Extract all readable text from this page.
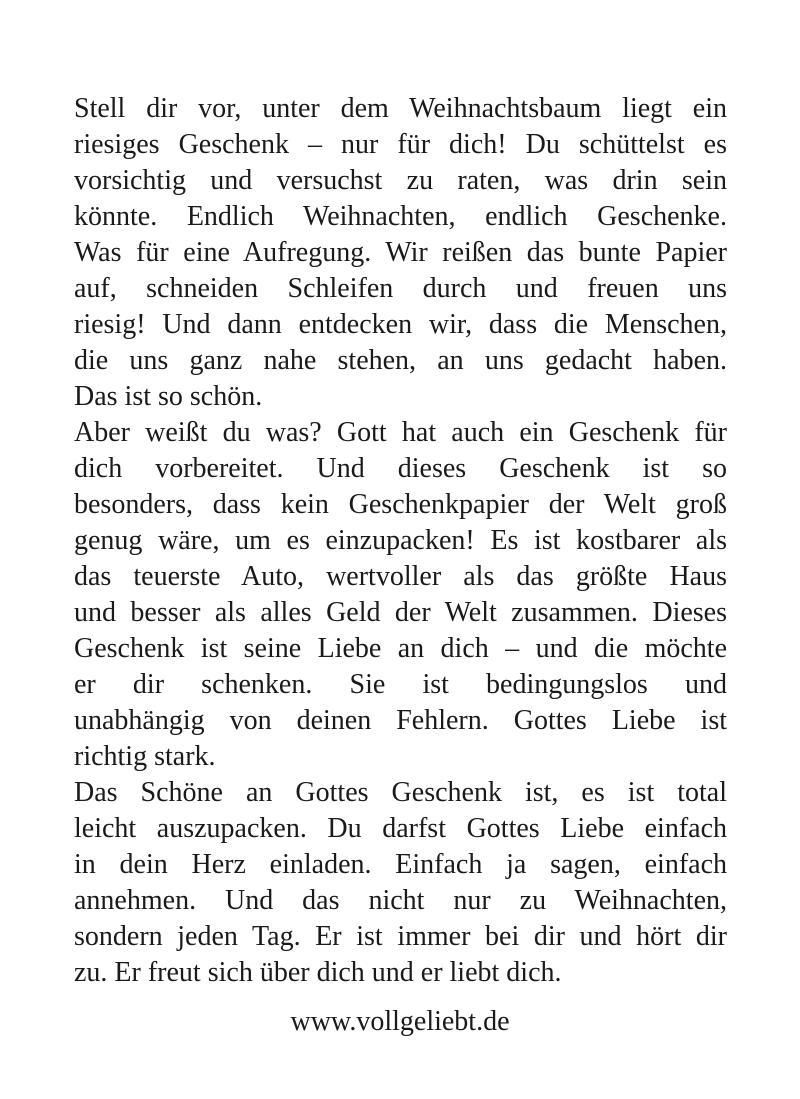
Stell dir vor, unter dem Weihnachtsbaum liegt ein
riesiges Geschenk – nur für dich! Du schüttelst es
vorsichtig und versuchst zu raten, was drin sein
könnte. Endlich Weihnachten, endlich Geschenke.
Was für eine Aufregung. Wir reißen das bunte Papier
auf, schneiden Schleifen durch und freuen uns
riesig! Und dann entdecken wir, dass die Menschen,
die uns ganz nahe stehen, an uns gedacht haben.
Das ist so schön.

Aber weißt du was? Gott hat auch ein Geschenk für
dich vorbereitet. Und dieses Geschenk ist so
besonders, dass kein Geschenkpapier der Welt groß
genug wäre, um es einzupacken! Es ist kostbarer als
das teuerste Auto, wertvoller als das größte Haus
und besser als alles Geld der Welt zusammen. Dieses
Geschenk ist seine Liebe an dich – und die möchte
er dir schenken. Sie ist bedingungslos und
unabhängig von deinen Fehlern. Gottes Liebe ist
richtig stark.

Das Schöne an Gottes Geschenk ist, es ist total
leicht auszupacken. Du darfst Gottes Liebe einfach
in dein Herz einladen. Einfach ja sagen, einfach
annehmen. Und das nicht nur zu Weihnachten,
sondern jeden Tag. Er ist immer bei dir und hört dir
zu. Er freut sich über dich und er liebt dich.

www.vollgeliebt.de
